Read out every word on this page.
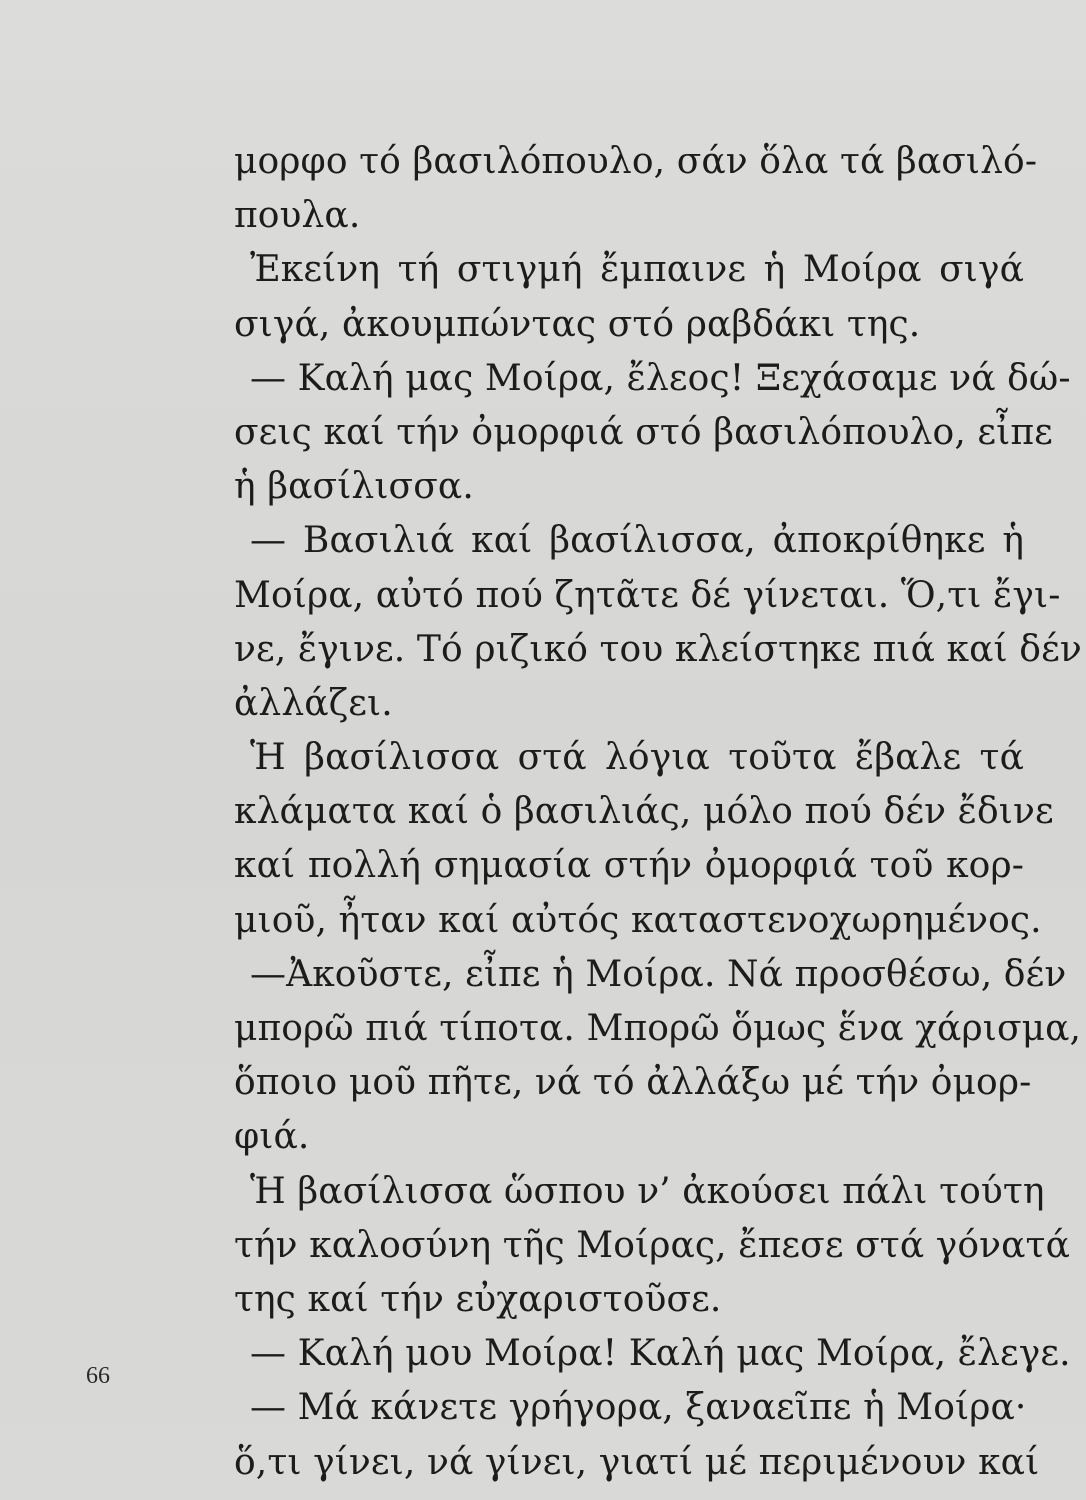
μορφο τό βασιλόπουλο, σάν ὅλα τά βασιλό-
πουλα.
Ἐκείνη τή στιγμή ἔμπαινε ἡ Μοίρα σιγά
σιγά, ἀκουμπώντας στό ραβδάκι της.
— Καλή μας Μοίρα, ἔλεος! Ξεχάσαμε νά δώ-
σεις καί τήν ὀμορφιά στό βασιλόπουλο, εἶπε
ἡ βασίλισσα.
— Βασιλιά καί βασίλισσα, ἀποκρίθηκε ἡ
Μοίρα, αὐτό πού ζητᾶτε δέ γίνεται. Ὅ,τι ἔγι-
νε, ἔγινε. Τό ριζικό του κλείστηκε πιά καί δέν
ἀλλάζει.
Ἡ βασίλισσα στά λόγια τοῦτα ἔβαλε τά
κλάματα καί ὁ βασιλιάς, μόλο πού δέν ἔδινε
καί πολλή σημασία στήν ὀμορφιά τοῦ κορ-
μιοῦ, ἦταν καί αὐτός καταστενοχωρημένος.
—Ἀκοῦστε, εἶπε ἡ Μοίρα. Νά προσθέσω, δέν
μπορῶ πιά τίποτα. Μπορῶ ὅμως ἕνα χάρισμα,
ὅποιο μοῦ πῆτε, νά τό ἀλλάξω μέ τήν ὀμορ-
φιά.
Ἡ βασίλισσα ὥσπου ν’ ἀκούσει πάλι τούτη
τήν καλοσύνη τῆς Μοίρας, ἔπεσε στά γόνατά
της καί τήν εὐχαριστοῦσε.
— Καλή μου Μοίρα! Καλή μας Μοίρα, ἔλεγε.
— Μά κάνετε γρήγορα, ξαναεῖπε ἡ Μοίρα·
ὅ,τι γίνει, νά γίνει, γιατί μέ περιμένουν καί
66
